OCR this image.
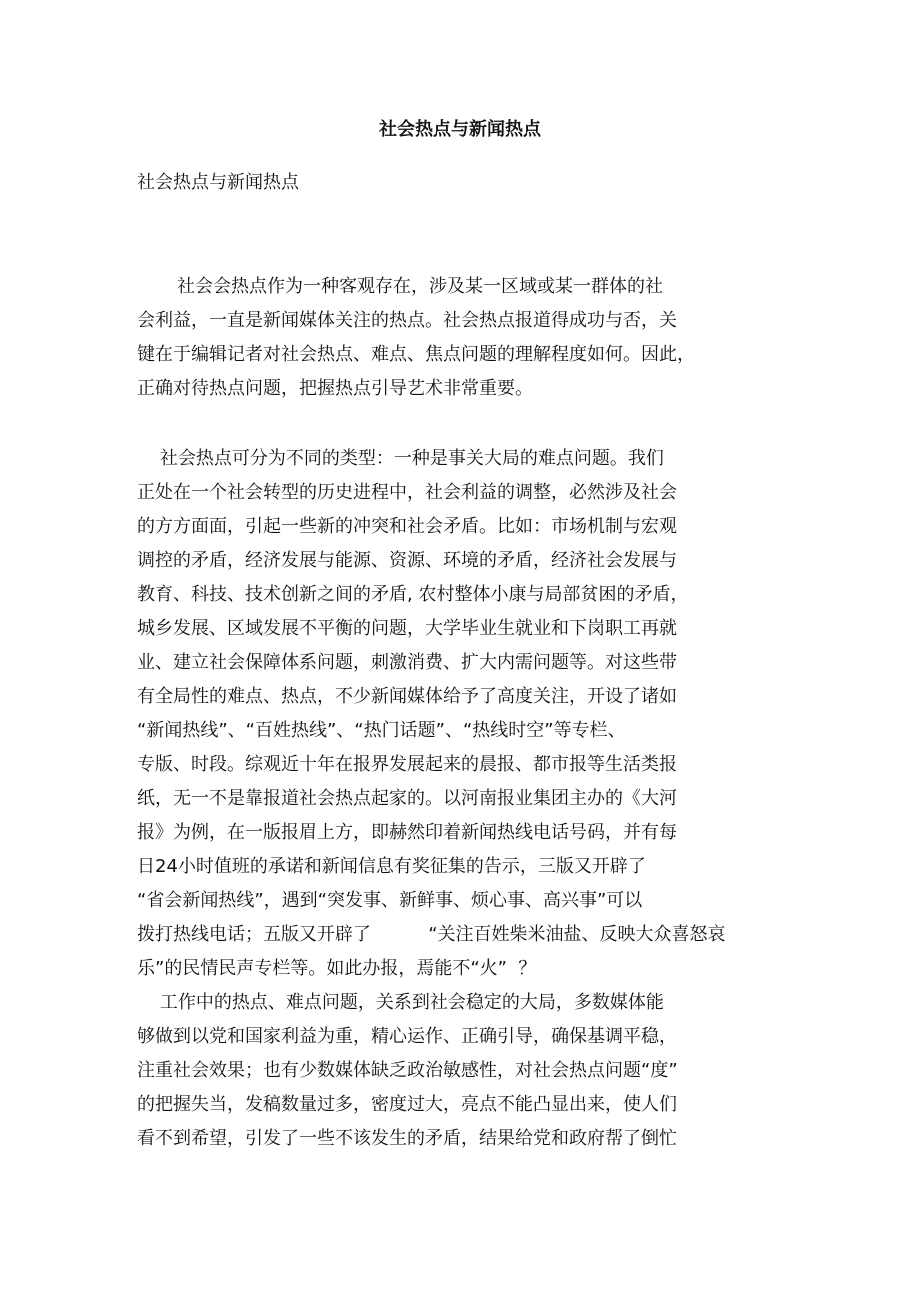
社会热点与新闻热点
社会热点与新闻热点
社会会热点作为一种客观存在，涉及某一区域或某一群体的社
会利益，一直是新闻媒体关注的热点。社会热点报道得成功与否，关
键在于编辑记者对社会热点、难点、焦点问题的理解程度如何。因此，
正确对待热点问题，把握热点引导艺术非常重要。
社会热点可分为不同的类型：一种是事关大局的难点问题。我们
正处在一个社会转型的历史进程中，社会利益的调整，必然涉及社会
的方方面面，引起一些新的冲突和社会矛盾。比如：市场机制与宏观
调控的矛盾，经济发展与能源、资源、环境的矛盾，经济社会发展与
教育、科技、技术创新之间的矛盾, 农村整体小康与局部贫困的矛盾，
城乡发展、区域发展不平衡的问题，大学毕业生就业和下岗职工再就
业、建立社会保障体系问题，刺激消费、扩大内需问题等。对这些带
有全局性的难点、热点，不少新闻媒体给予了高度关注，开设了诸如
“新闻热线”、“百姓热线”、“热门话题”、“热线时空”等专栏、
专版、时段。综观近十年在报界发展起来的晨报、都市报等生活类报
纸，无一不是靠报道社会热点起家的。以河南报业集团主办的《大河
报》为例，在一版报眉上方，即赫然印着新闻热线电话号码，并有每
日24小时值班的承诺和新闻信息有奖征集的告示，三版又开辟了
“省会新闻热线”，遇到“突发事、新鲜事、烦心事、高兴事”可以
拨打热线电话；五版又开辟了          “关注百姓柴米油盐、反映大众喜怒哀
乐”的民情民声专栏等。如此办报，焉能不“火”  ？
工作中的热点、难点问题，关系到社会稳定的大局，多数媒体能
够做到以党和国家利益为重，精心运作、正确引导，确保基调平稳，
注重社会效果；也有少数媒体缺乏政治敏感性，对社会热点问题“度”
的把握失当，发稿数量过多，密度过大，亮点不能凸显出来，使人们
看不到希望，引发了一些不该发生的矛盾，结果给党和政府帮了倒忙
